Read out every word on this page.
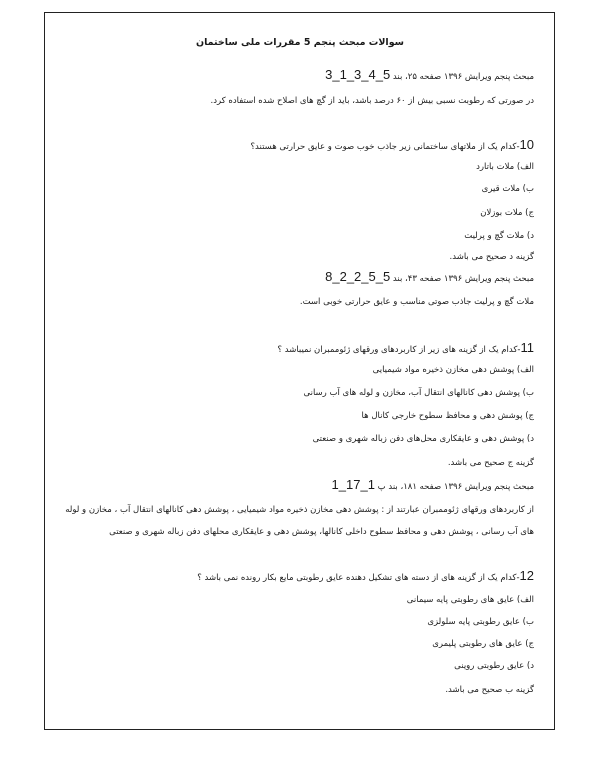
سوالات مبحث پنجم 5 مقررات ملی ساختمان
مبحث پنجم ویرایش ۱۳۹۶ صفحه ۲۵، بند 5_4_3_1_3
در صورتی که رطوبت نسبی بیش از ۶۰ درصد باشد، باید از گچ های اصلاح شده استفاده کرد.
10-کدام یک از ملاتهای ساختمانی زیر جاذب خوب صوت و عایق حرارتی هستند؟
الف) ملات باتارد
ب) ملات قیری
ج) ملات بوزلان
د) ملات گچ و پرلیت
گزینه د صحیح می باشد.
مبحث پنجم ویرایش ۱۳۹۶ صفحه ۴۳، بند 5_5_2_2_8
ملات گچ و پرلیت جاذب صوتی مناسب و عایق حرارتی خوبی است.
11-کدام یک از گزینه های زیر از کاربردهای ورقهای ژئوممبران نمیباشد ؟
الف) پوشش دهی مخازن ذخیره مواد شیمیایی
ب) پوشش دهی کانالهای انتقال آب، مخازن و لوله های آب رسانی
ج) پوشش دهی و محافظ سطوح خارجی کانال ها
د) پوشش دهی و عایقکاری محل‌های دفن زباله شهری و صنعتی
گزینه ج صحیح می باشد.
مبحث پنجم ویرایش ۱۳۹۶ صفحه ۱۸۱، بند پ 1_17_1
از کاربردهای ورقهای ژئوممبران عبارتند از : پوشش دهی مخازن ذخیره مواد شیمیایی ، پوشش دهی کانالهای انتقال آب ، مخازن و لوله های آب رسانی ، پوشش دهی و محافظ سطوح داخلی کانالها، پوشش دهی و عایقکاری محلهای دفن زباله شهری و صنعتی
12-کدام یک از گزینه های از دسته های تشکیل دهنده عایق رطوبتی مایع بکار رونده نمی باشد ؟
الف) عایق های رطوبتی پایه سیمانی
ب) عایق رطوبتی پایه سلولزی
ج) عایق های رطوبتی پلیمری
د) عایق رطوبتی روینی
گزینه ب صحیح می باشد.
